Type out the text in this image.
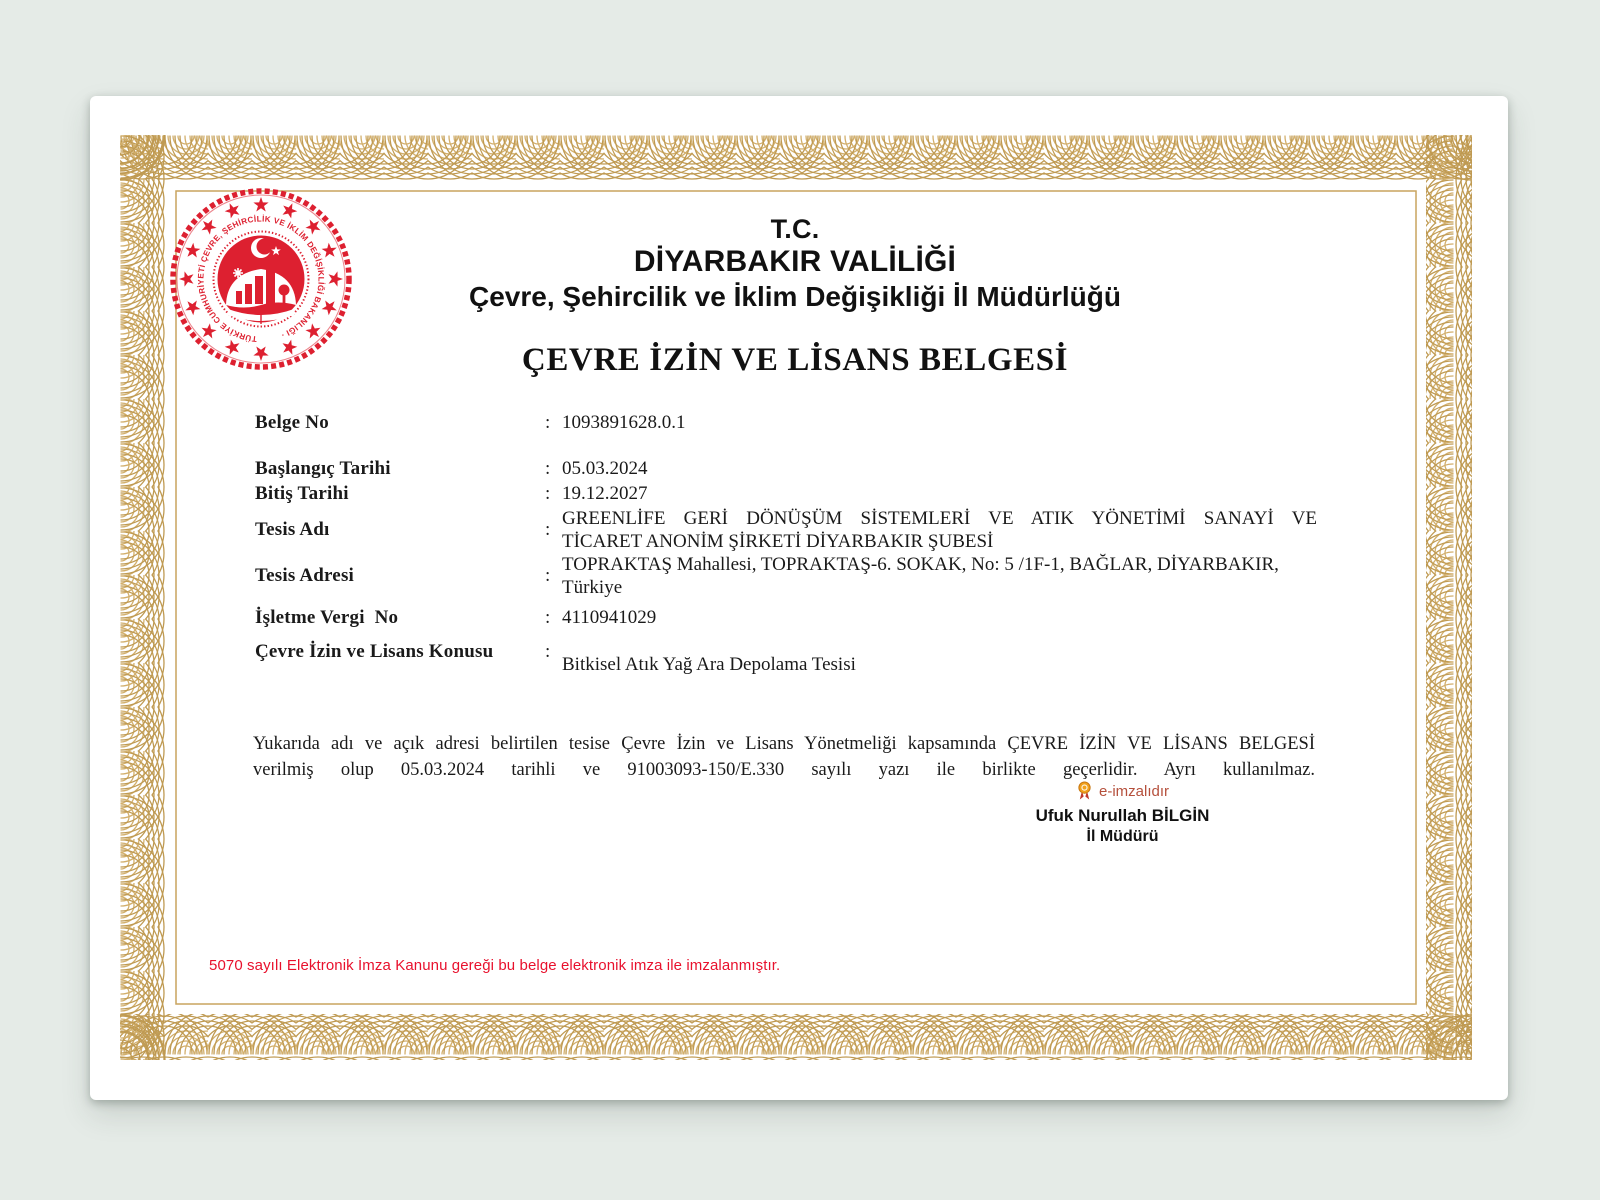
TÜRKİYE CUMHURİYETİ ÇEVRE, ŞEHİRCİLİK VE İKLİM DEĞİŞİKLİĞİ BAKANLIĞI ·
T.C.
DİYARBAKIR VALİLİĞİ
Çevre, Şehircilik ve İklim Değişikliği İl Müdürlüğü
ÇEVRE İZİN VE LİSANS BELGESİ
Belge No	: 1093891628.0.1
Başlangıç Tarihi	: 05.03.2024
Bitiş Tarihi	: 19.12.2027
Tesis Adı	:
GREENLİFE GERİ DÖNÜŞÜM SİSTEMLERİ VE ATIK YÖNETİMİ SANAYİ VE
TİCARET ANONİM ŞİRKETİ DİYARBAKIR ŞUBESİ
Tesis Adresi	:
TOPRAKTAŞ Mahallesi, TOPRAKTAŞ-6. SOKAK, No: 5 /1F-1, BAĞLAR, DİYARBAKIR,
Türkiye
İşletme Vergi  No	: 4110941029
Çevre İzin ve Lisans Konusu	:
Bitkisel Atık Yağ Ara Depolama Tesisi
Yukarıda adı ve açık adresi belirtilen tesise Çevre İzin ve Lisans Yönetmeliği kapsamında ÇEVRE İZİN VE LİSANS BELGESİ
verilmiş olup 05.03.2024 tarihli ve 91003093-150/E.330 sayılı yazı ile birlikte geçerlidir. Ayrı kullanılmaz.
e-imzalıdır
Ufuk Nurullah BİLGİN
İl Müdürü
5070 sayılı Elektronik İmza Kanunu gereği bu belge elektronik imza ile imzalanmıştır.
